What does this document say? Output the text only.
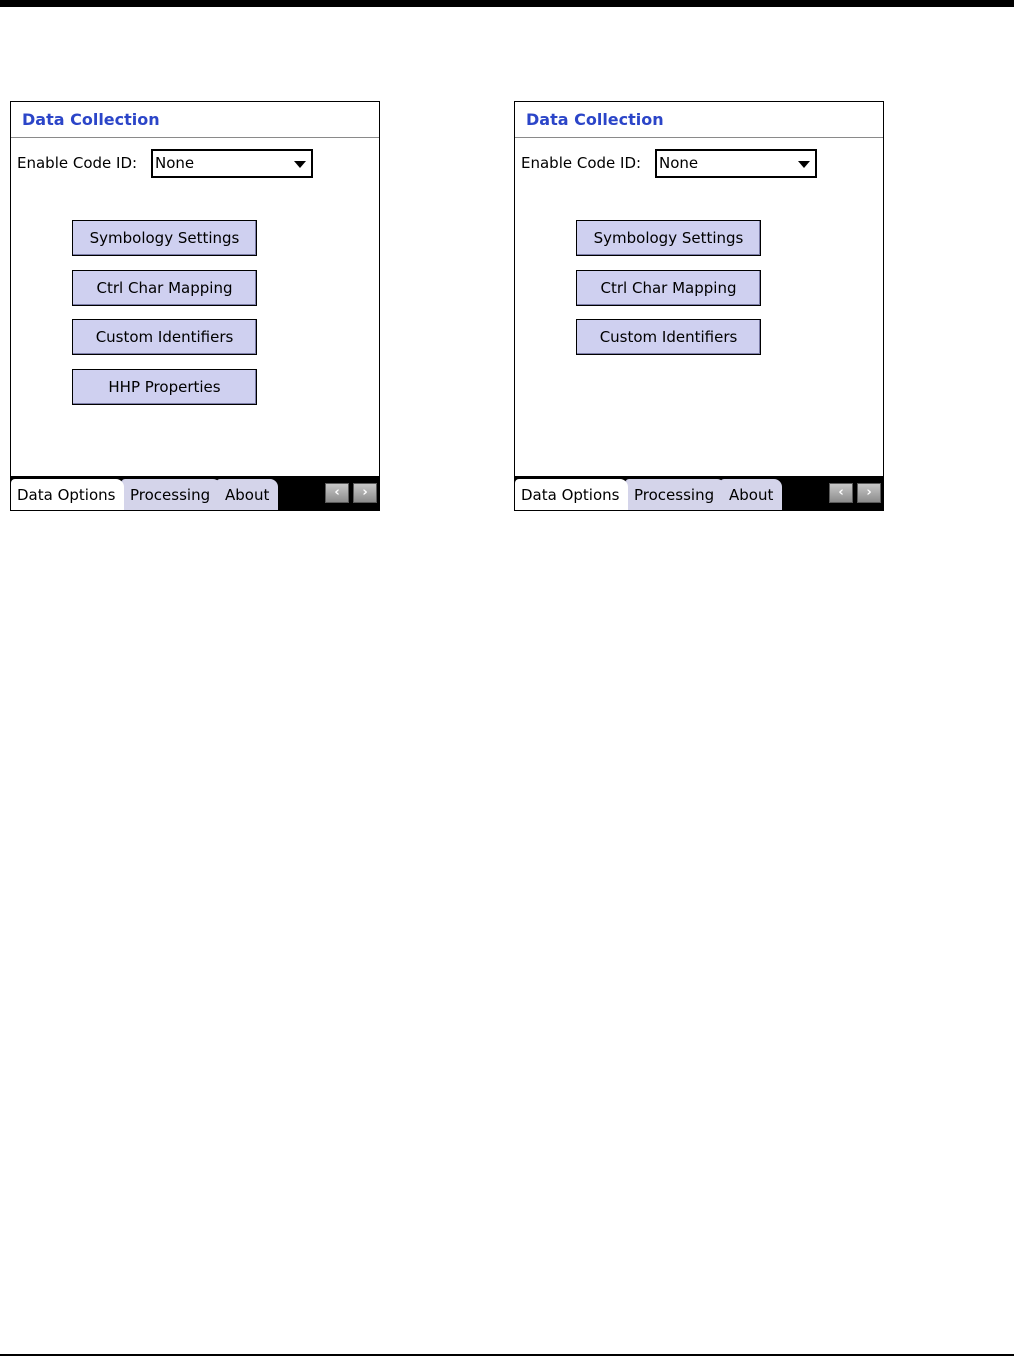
Data Collection
Enable Code ID: None
Symbology Settings
Ctrl Char Mapping
Custom Identifiers
HHP Properties
Data Options Processing About	‹	›
Data Collection
Enable Code ID: None
Symbology Settings
Ctrl Char Mapping
Custom Identifiers
Data Options Processing About	‹	›
